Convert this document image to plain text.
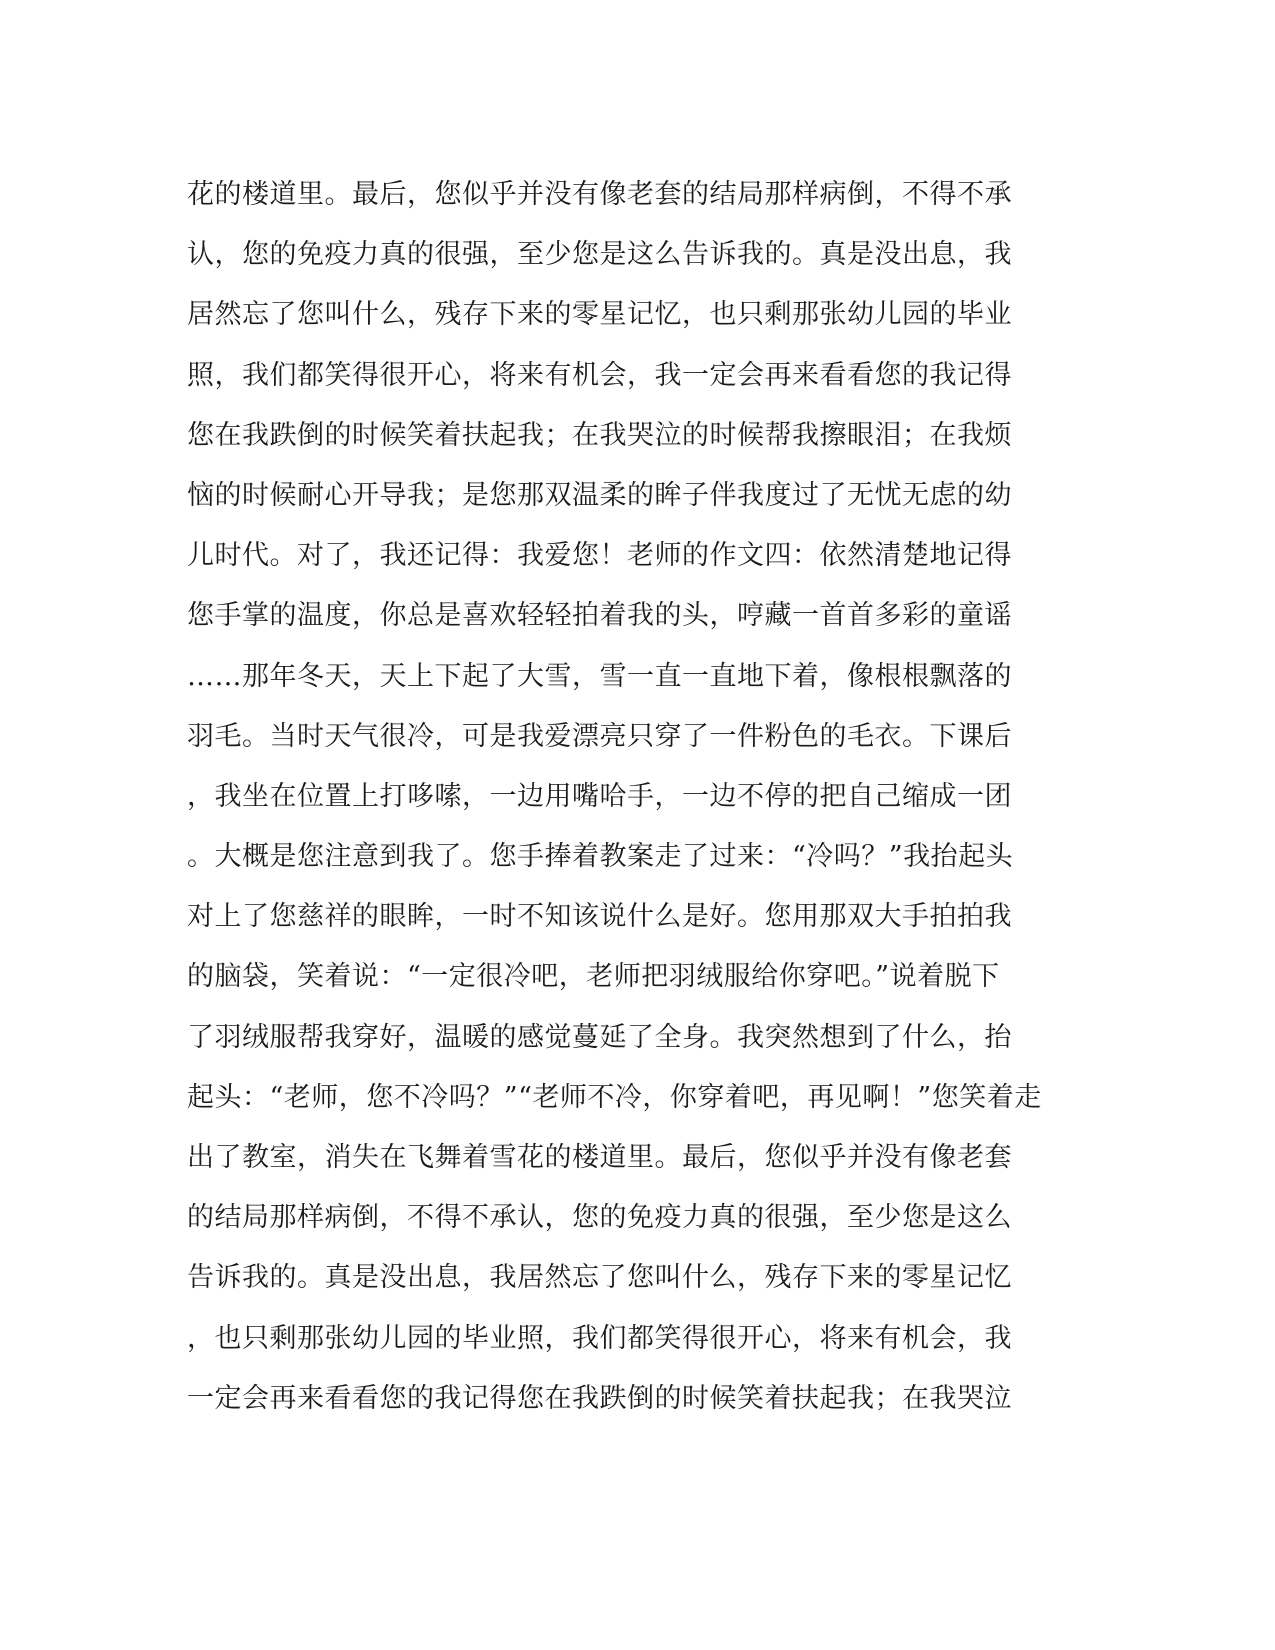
花的楼道里。最后，您似乎并没有像老套的结局那样病倒，不得不承
认，您的免疫力真的很强，至少您是这么告诉我的。真是没出息，我
居然忘了您叫什么，残存下来的零星记忆，也只剩那张幼儿园的毕业
照，我们都笑得很开心，将来有机会，我一定会再来看看您的我记得
您在我跌倒的时候笑着扶起我；在我哭泣的时候帮我擦眼泪；在我烦
恼的时候耐心开导我；是您那双温柔的眸子伴我度过了无忧无虑的幼
儿时代。对了，我还记得：我爱您！老师的作文四：依然清楚地记得
您手掌的温度，你总是喜欢轻轻拍着我的头，哼藏一首首多彩的童谣
……那年冬天，天上下起了大雪，雪一直一直地下着，像根根飘落的
羽毛。当时天气很冷，可是我爱漂亮只穿了一件粉色的毛衣。下课后
，我坐在位置上打哆嗦，一边用嘴哈手，一边不停的把自己缩成一团
。大概是您注意到我了。您手捧着教案走了过来：“冷吗？”我抬起头
对上了您慈祥的眼眸，一时不知该说什么是好。您用那双大手拍拍我
的脑袋，笑着说：“一定很冷吧，老师把羽绒服给你穿吧。”说着脱下
了羽绒服帮我穿好，温暖的感觉蔓延了全身。我突然想到了什么，抬
起头：“老师，您不冷吗？”“老师不冷，你穿着吧，再见啊！”您笑着走
出了教室，消失在飞舞着雪花的楼道里。最后，您似乎并没有像老套
的结局那样病倒，不得不承认，您的免疫力真的很强，至少您是这么
告诉我的。真是没出息，我居然忘了您叫什么，残存下来的零星记忆
，也只剩那张幼儿园的毕业照，我们都笑得很开心，将来有机会，我
一定会再来看看您的我记得您在我跌倒的时候笑着扶起我；在我哭泣
